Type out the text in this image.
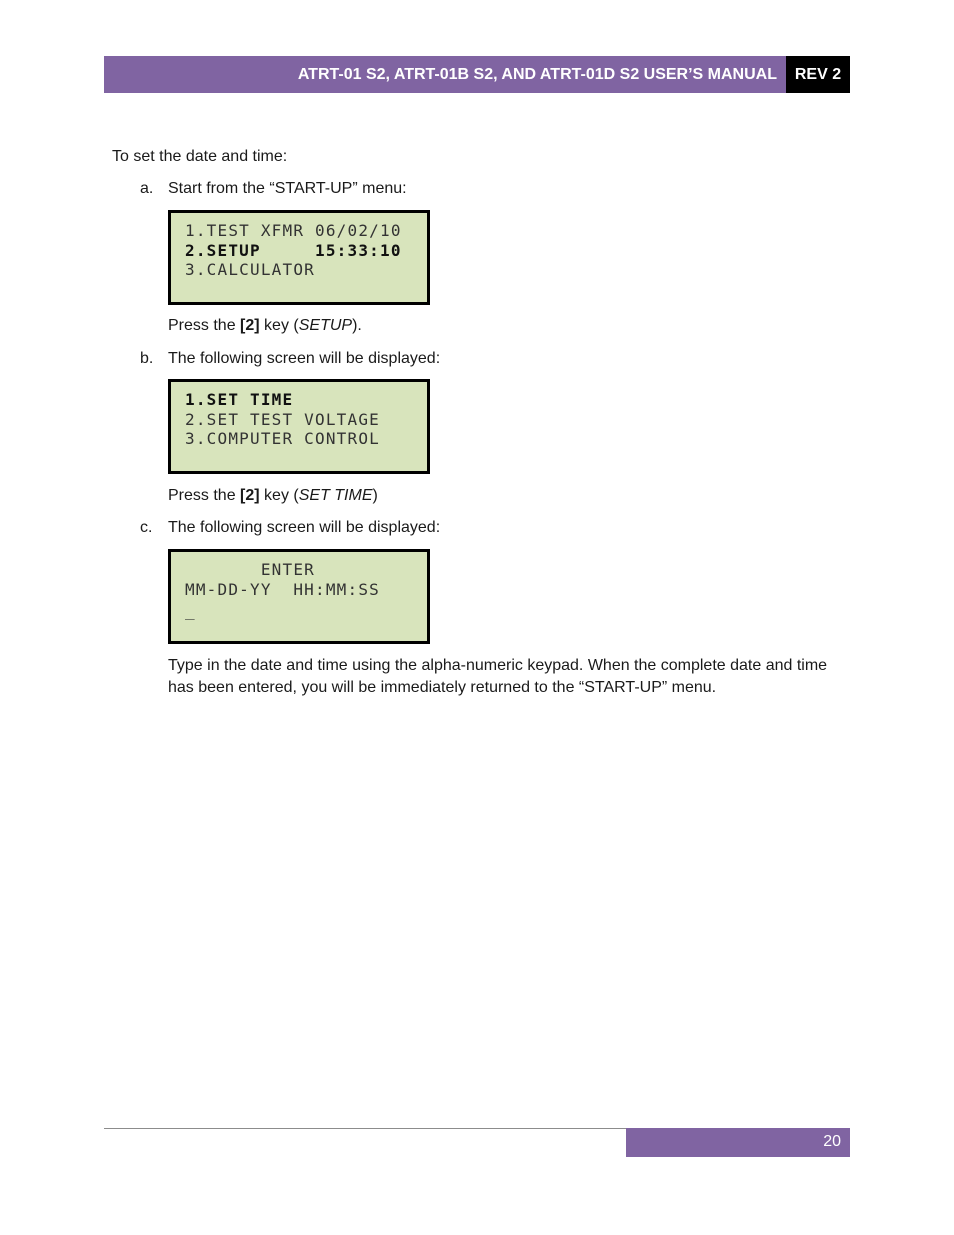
ATRT-01 S2, ATRT-01B S2, AND ATRT-01D S2 USER’S MANUAL	REV 2
To set the date and time:
a. Start from the “START-UP” menu:
1.TEST XFMR 06/02/10
2.SETUP     15:33:10
3.CALCULATOR
Press the [2] key (SETUP).
b. The following screen will be displayed:
1.SET TIME
2.SET TEST VOLTAGE
3.COMPUTER CONTROL
Press the [2] key (SET TIME)
c. The following screen will be displayed:
ENTER
MM-DD-YY  HH:MM:SS
_
Type in the date and time using the alpha-numeric keypad. When the complete date and time has been entered, you will be immediately returned to the “START-UP” menu.
20
